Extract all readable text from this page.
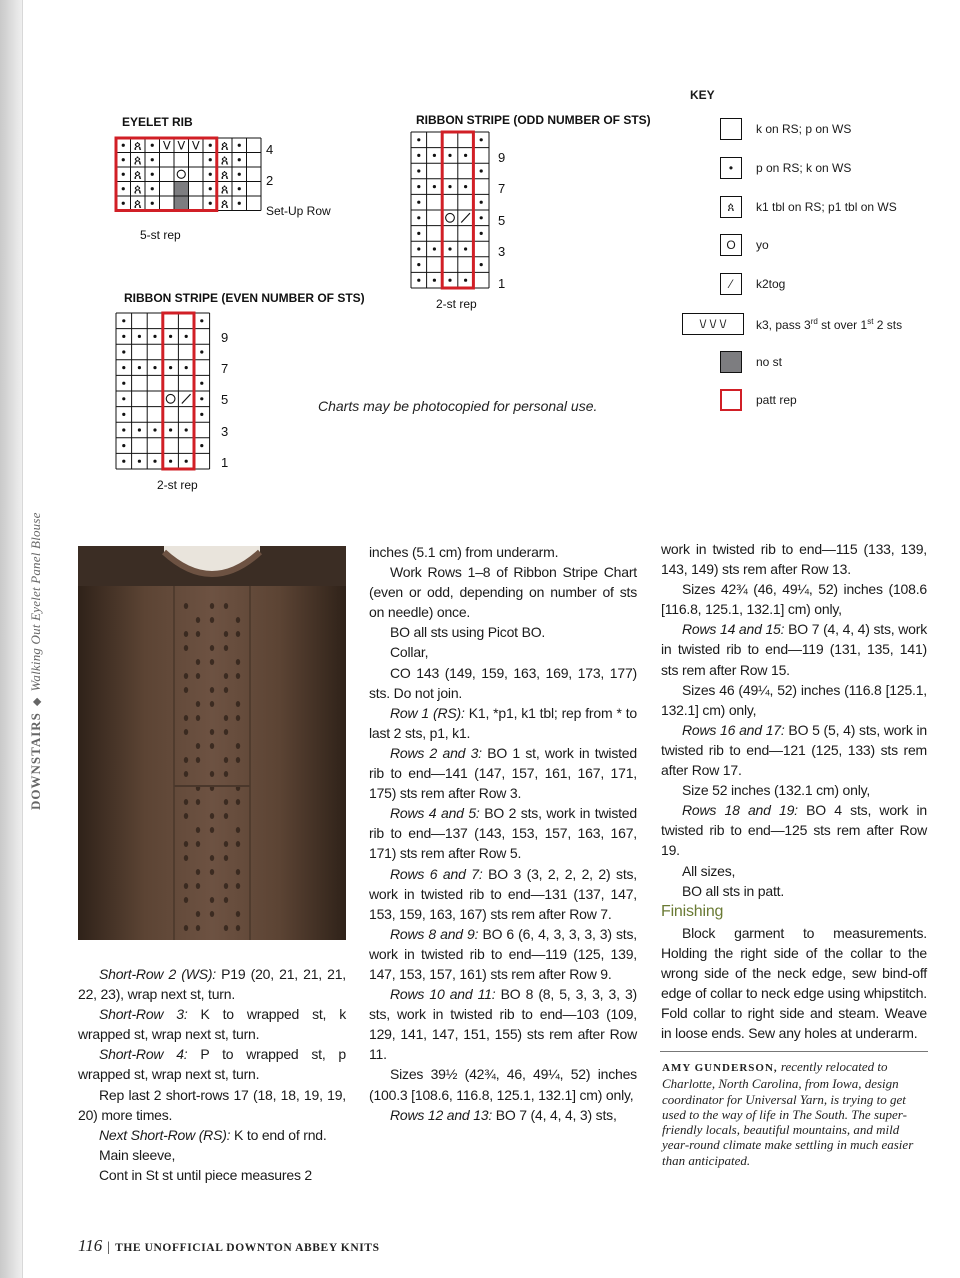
DOWNSTAIRS◆Walking Out Eyelet Panel Blouse
EYELET RIB
ጰ V V V ጰ
ጰ	ጰ
ጰ	ጰ
ጰ	ጰ
ጰ	ጰ
4
2
Set-Up Row
5-st rep
RIBBON STRIPE (ODD NUMBER OF STS)
9
7
5
3
1
2-st rep
RIBBON STRIPE (EVEN NUMBER OF STS)
9
7
5
3
1
2-st rep
KEY
k on RS; p on WS
•	p on RS; k on WS
ጰ	k1 tbl on RS; p1 tbl on WS
O	yo
⁄	k2tog
\/ \/ \/	k3, pass 3rd st over 1st 2 sts
no st
patt rep
Charts may be photocopied for personal use.

Short-Row 2 (WS): P19 (20, 21, 21, 21, 22, 23), wrap next st, turn.

Short-Row 3: K to wrapped st, k wrapped st, wrap next st, turn.

Short-Row 4: P to wrapped st, p wrapped st, wrap next st, turn.

Rep last 2 short-rows 17 (18, 18, 19, 19, 20) more times.

Next Short-Row (RS): K to end of rnd.

Main sleeve,

Cont in St st until piece measures 2

inches (5.1 cm) from underarm.

Work Rows 1–8 of Ribbon Stripe Chart (even or odd, depending on number of sts on needle) once.

BO all sts using Picot BO.

Collar,

CO 143 (149, 159, 163, 169, 173, 177) sts. Do not join.

Row 1 (RS): K1, *p1, k1 tbl; rep from * to last 2 sts, p1, k1.

Rows 2 and 3: BO 1 st, work in twisted rib to end—141 (147, 157, 161, 167, 171, 175) sts rem after Row 3.

Rows 4 and 5: BO 2 sts, work in twisted rib to end—137 (143, 153, 157, 163, 167, 171) sts rem after Row 5.

Rows 6 and 7: BO 3 (3, 2, 2, 2, 2) sts, work in twisted rib to end—131 (137, 147, 153, 159, 163, 167) sts rem after Row 7.

Rows 8 and 9: BO 6 (6, 4, 3, 3, 3, 3) sts, work in twisted rib to end—119 (125, 139, 147, 153, 157, 161) sts rem after Row 9.

Rows 10 and 11: BO 8 (8, 5, 3, 3, 3, 3) sts, work in twisted rib to end—103 (109, 129, 141, 147, 151, 155) sts rem after Row 11.

Sizes 39½ (42¾, 46, 49¼, 52) inches (100.3 [108.6, 116.8, 125.1, 132.1] cm) only,

Rows 12 and 13: BO 7 (4, 4, 4, 3) sts,

work in twisted rib to end—115 (133, 139, 143, 149) sts rem after Row 13.

Sizes 42¾ (46, 49¼, 52) inches (108.6 [116.8, 125.1, 132.1] cm) only,

Rows 14 and 15: BO 7 (4, 4, 4) sts, work in twisted rib to end—119 (131, 135, 141) sts rem after Row 15.

Sizes 46 (49¼, 52) inches (116.8 [125.1, 132.1] cm) only,

Rows 16 and 17: BO 5 (5, 4) sts, work in twisted rib to end—121 (125, 133) sts rem after Row 17.

Size 52 inches (132.1 cm) only,

Rows 18 and 19: BO 4 sts, work in twisted rib to end—125 sts rem after Row 19.

All sizes,

BO all sts in patt.

Finishing

Block garment to measurements. Holding the right side of the collar to the wrong side of the neck edge, sew bind-off edge of collar to neck edge using whipstitch. Fold collar to right side and steam. Weave in loose ends. Sew any holes at underarm.

AMY GUNDERSON, recently relocated to Charlotte, North Carolina, from Iowa, design coordinator for Universal Yarn, is trying to get used to the way of life in The South. The super-friendly locals, beautiful mountains, and mild year-round climate make settling in much easier than anticipated.
116 | THE UNOFFICIAL DOWNTON ABBEY KNITS
